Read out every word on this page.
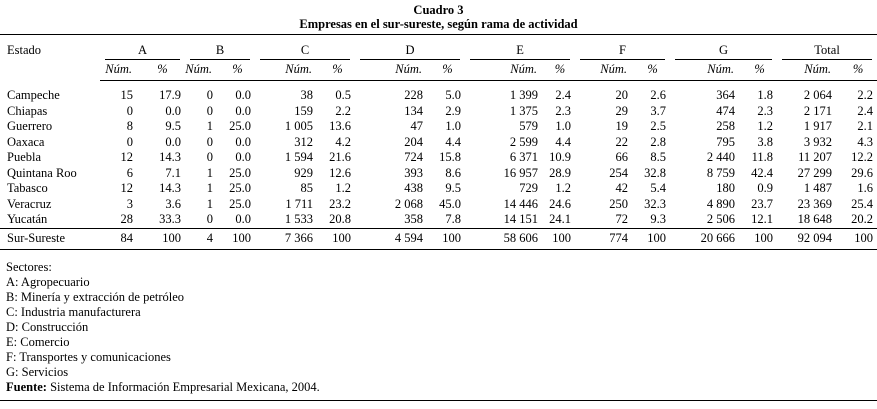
Cuadro 3
Empresas en el sur-sureste, según rama de actividad
Estado	A		B		C		D		E		F		G		Total	

	Núm.	%	Núm.	%	Núm.	%	Núm.	%	Núm.	%	Núm.	%	Núm.	%	Núm.	%
Campeche	15	17.9	0	0.0	38	0.5	228	5.0	1 399	2.4	20	2.6	364	1.8	2 064	2.2
Chiapas	0	0.0	0	0.0	159	2.2	134	2.9	1 375	2.3	29	3.7	474	2.3	2 171	2.4
Guerrero	8	9.5	1	25.0	1 005	13.6	47	1.0	579	1.0	19	2.5	258	1.2	1 917	2.1
Oaxaca	0	0.0	0	0.0	312	4.2	204	4.4	2 599	4.4	22	2.8	795	3.8	3 932	4.3
Puebla	12	14.3	0	0.0	1 594	21.6	724	15.8	6 371	10.9	66	8.5	2 440	11.8	11 207	12.2
Quintana Roo	6	7.1	1	25.0	929	12.6	393	8.6	16 957	28.9	254	32.8	8 759	42.4	27 299	29.6
Tabasco	12	14.3	1	25.0	85	1.2	438	9.5	729	1.2	42	5.4	180	0.9	1 487	1.6
Veracruz	3	3.6	1	25.0	1 711	23.2	2 068	45.0	14 446	24.6	250	32.3	4 890	23.7	23 369	25.4
Yucatán	28	33.3	0	0.0	1 533	20.8	358	7.8	14 151	24.1	72	9.3	2 506	12.1	18 648	20.2
Sur-Sureste	84	100	4	100	7 366	100	4 594	100	58 606	100	774	100	20 666	100	92 094	100
Sectores:
A: Agropecuario
B: Minería y extracción de petróleo
C: Industria manufacturera
D: Construcción
E: Comercio
F: Transportes y comunicaciones
G: Servicios
Fuente: Sistema de Información Empresarial Mexicana, 2004.
